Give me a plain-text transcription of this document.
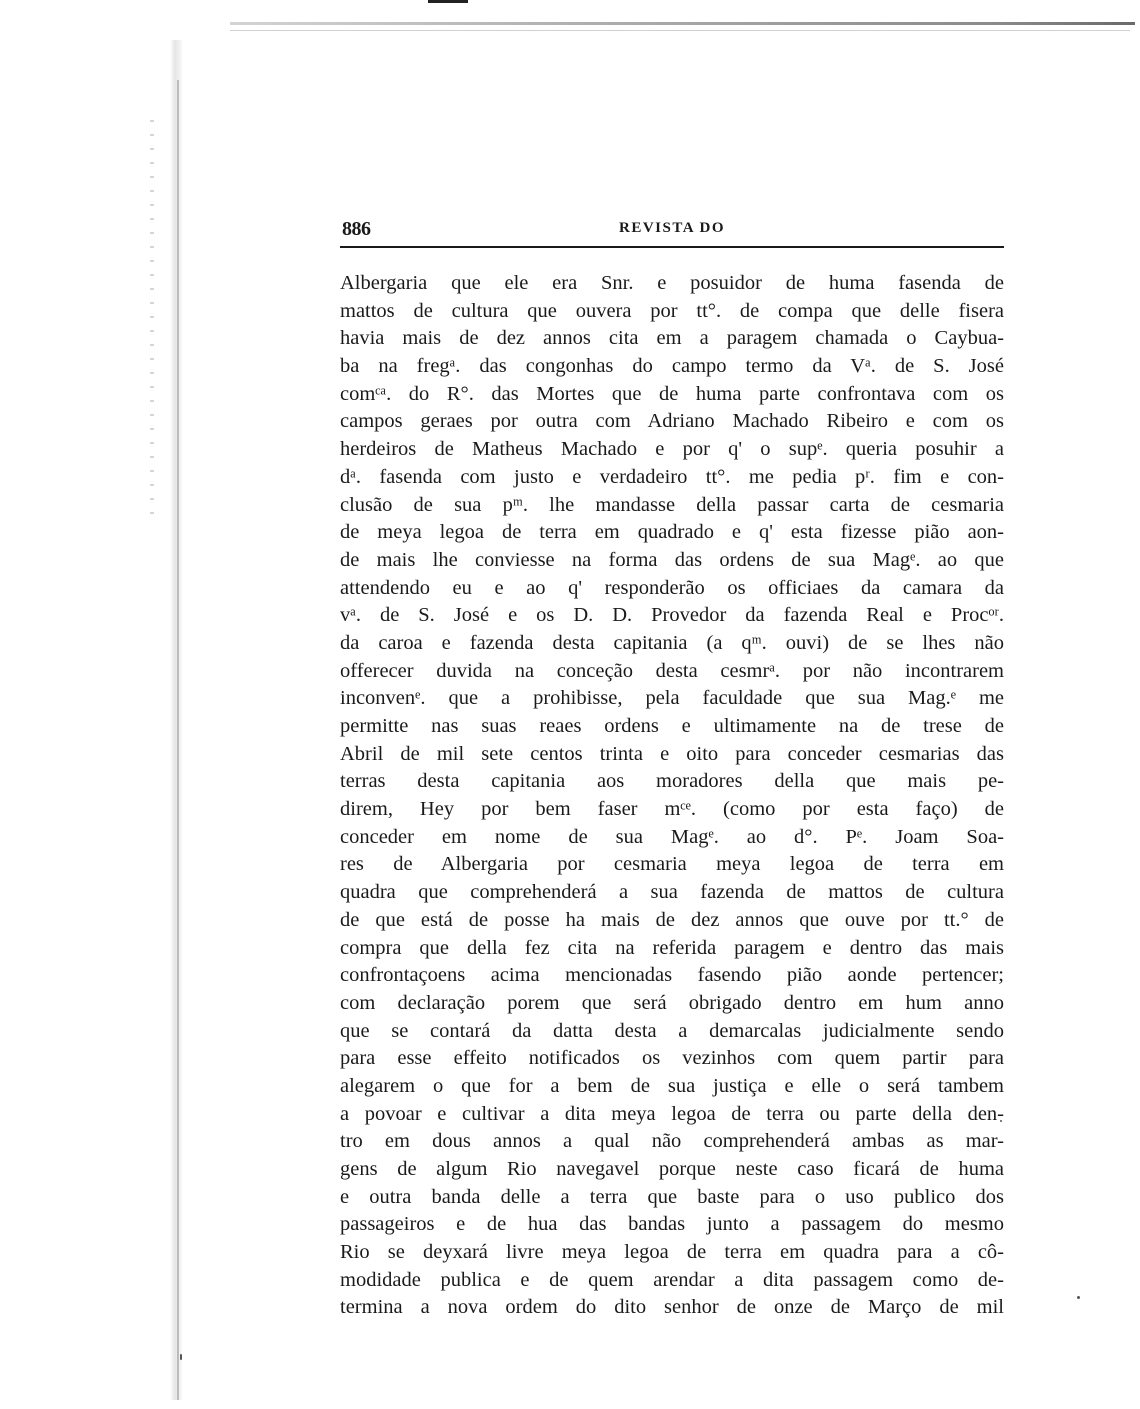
886	REVISTA DO
Albergaria que ele era Snr. e posuidor de huma fasenda de
mattos de cultura que ouvera por tt°. de compa que delle fisera
havia mais de dez annos cita em a paragem chamada o Caybua-
ba na fregᵃ. das congonhas do campo termo da Vᵃ. de S. José
comᶜᵃ. do R°. das Mortes que de huma parte confrontava com os
campos geraes por outra com Adriano Machado Ribeiro e com os
herdeiros de Matheus Machado e por q' o supᵉ. queria posuhir a
dᵃ. fasenda com justo e verdadeiro tt°. me pedia pʳ. fim e con-
clusão de sua pᵐ. lhe mandasse della passar carta de cesmaria
de meya legoa de terra em quadrado e q' esta fizesse pião aon-
de mais lhe conviesse na forma das ordens de sua Magᵉ. ao que
attendendo eu e ao q' responderão os officiaes da camara da
vᵃ. de S. José e os D. D. Provedor da fazenda Real e Procᵒʳ.
da caroa e fazenda desta capitania (a qᵐ. ouvi) de se lhes não
offerecer duvida na conceção desta cesmrᵃ. por não incontrarem
inconvenᵉ. que a prohibisse, pela faculdade que sua Mag.ᵉ me
permitte nas suas reaes ordens e ultimamente na de trese de
Abril de mil sete centos trinta e oito para conceder cesmarias das
terras desta capitania aos moradores della que mais pe-
direm, Hey por bem faser mᶜᵉ. (como por esta faço) de
conceder em nome de sua Magᵉ. ao d°. Pᵉ. Joam Soa-
res de Albergaria por cesmaria meya legoa de terra em
quadra que comprehenderá a sua fazenda de mattos de cultura
de que está de posse ha mais de dez annos que ouve por tt.° de
compra que della fez cita na referida paragem e dentro das mais
confrontaçoens acima mencionadas fasendo pião aonde pertencer;
com declaração porem que será obrigado dentro em hum anno
que se contará da datta desta a demarcalas judicialmente sendo
para esse effeito notificados os vezinhos com quem partir para
alegarem o que for a bem de sua justiça e elle o será tambem
a povoar e cultivar a dita meya legoa de terra ou parte della den-
tro em dous annos a qual não comprehenderá ambas as mar-
gens de algum Rio navegavel porque neste caso ficará de huma
e outra banda delle a terra que baste para o uso publico dos
passageiros e de hua das bandas junto a passagem do mesmo
Rio se deyxará livre meya legoa de terra em quadra para a cô-
modidade publica e de quem arendar a dita passagem como de-
termina a nova ordem do dito senhor de onze de Março de mil
